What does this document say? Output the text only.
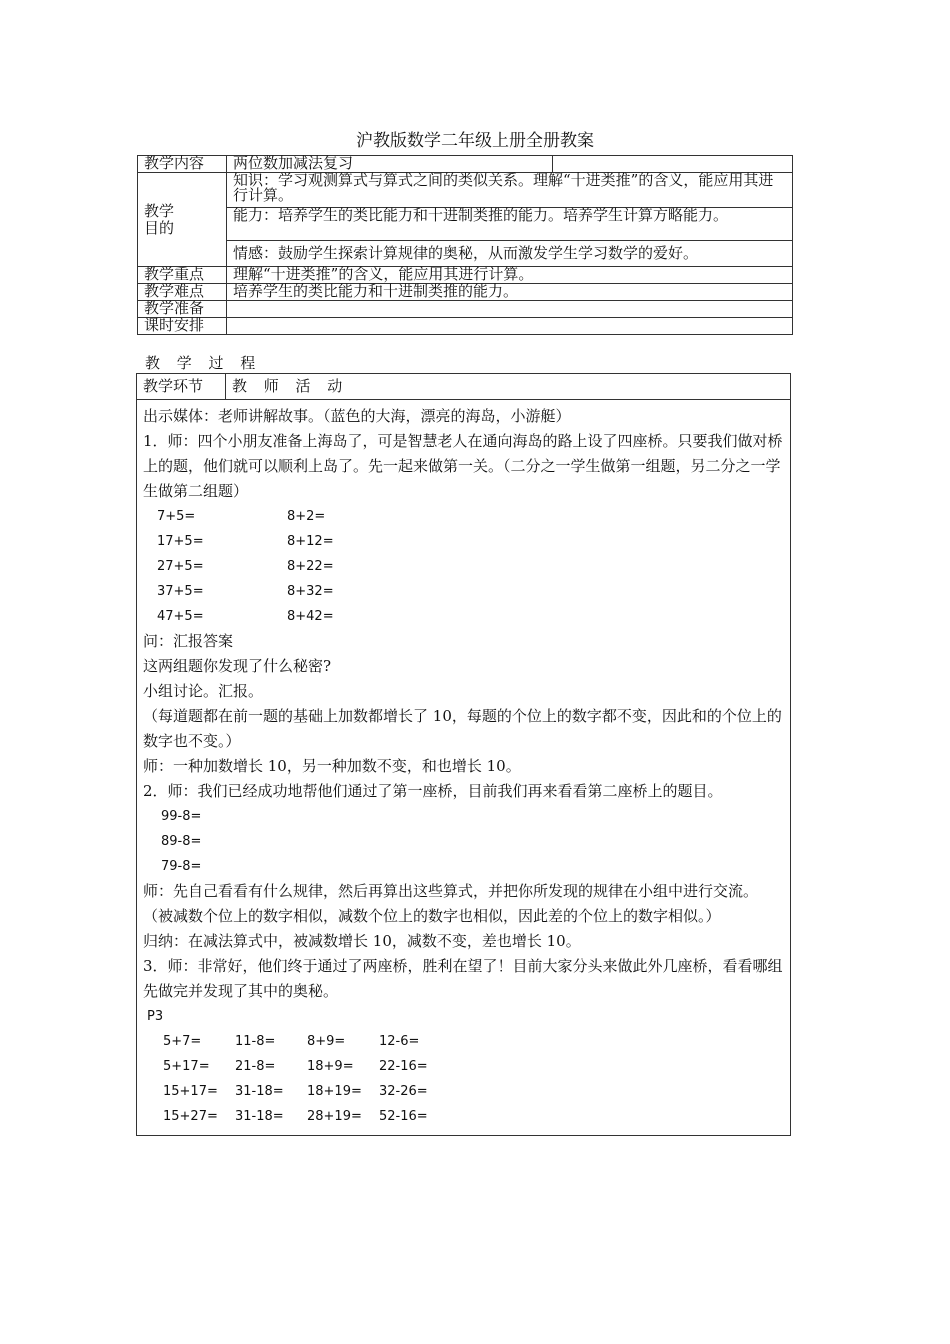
沪教版数学二年级上册全册教案
教学内容	两位数加减法复习	
教学
目的	知识：学习观测算式与算式之间的类似关系。理解“十进类推”的含义，能应用其进行计算。	
	能力：培养学生的类比能力和十进制类推的能力。培养学生计算方略能力。	
	情感：鼓励学生探索计算规律的奥秘，从而激发学生学习数学的爱好。	
教学重点	理解“十进类推”的含义，能应用其进行计算。	
教学难点	培养学生的类比能力和十进制类推的能力。	
教学准备		
课时安排		
教 学 过 程
教学环节	教 师 活 动

出示媒体：老师讲解故事。（蓝色的大海，漂亮的海岛，小游艇）

1．师：四个小朋友准备上海岛了，可是智慧老人在通向海岛的路上设了四座桥。只要我们做对桥上的题，他们就可以顺利上岛了。先一起来做第一关。（二分之一学生做第一组题，另二分之一学生做第二组题）

7+5=	8+2=
17+5=	8+12=
27+5=	8+22=
37+5=	8+32=
47+5=	8+42=

问：汇报答案

这两组题你发现了什么秘密?

小组讨论。汇报。

（每道题都在前一题的基础上加数都增长了 10，每题的个位上的数字都不变，因此和的个位上的数字也不变。）

师：一种加数增长 10，另一种加数不变，和也增长 10。

2．师：我们已经成功地帮他们通过了第一座桥，目前我们再来看看第二座桥上的题目。

99-8=
89-8=
79-8=

师：先自己看看有什么规律，然后再算出这些算式，并把你所发现的规律在小组中进行交流。

（被减数个位上的数字相似，减数个位上的数字也相似，因此差的个位上的数字相似。）

归纳：在减法算式中，被减数增长 10，减数不变，差也增长 10。

3．师：非常好，他们终于通过了两座桥，胜利在望了！目前大家分头来做此外几座桥，看看哪组先做完并发现了其中的奥秘。

P3

5+7=	11-8=	8+9=	12-6=
5+17=	21-8=	18+9=	22-16=
15+17=	31-18=	18+19=	32-26=
15+27=	31-18=	28+19=	52-16=
